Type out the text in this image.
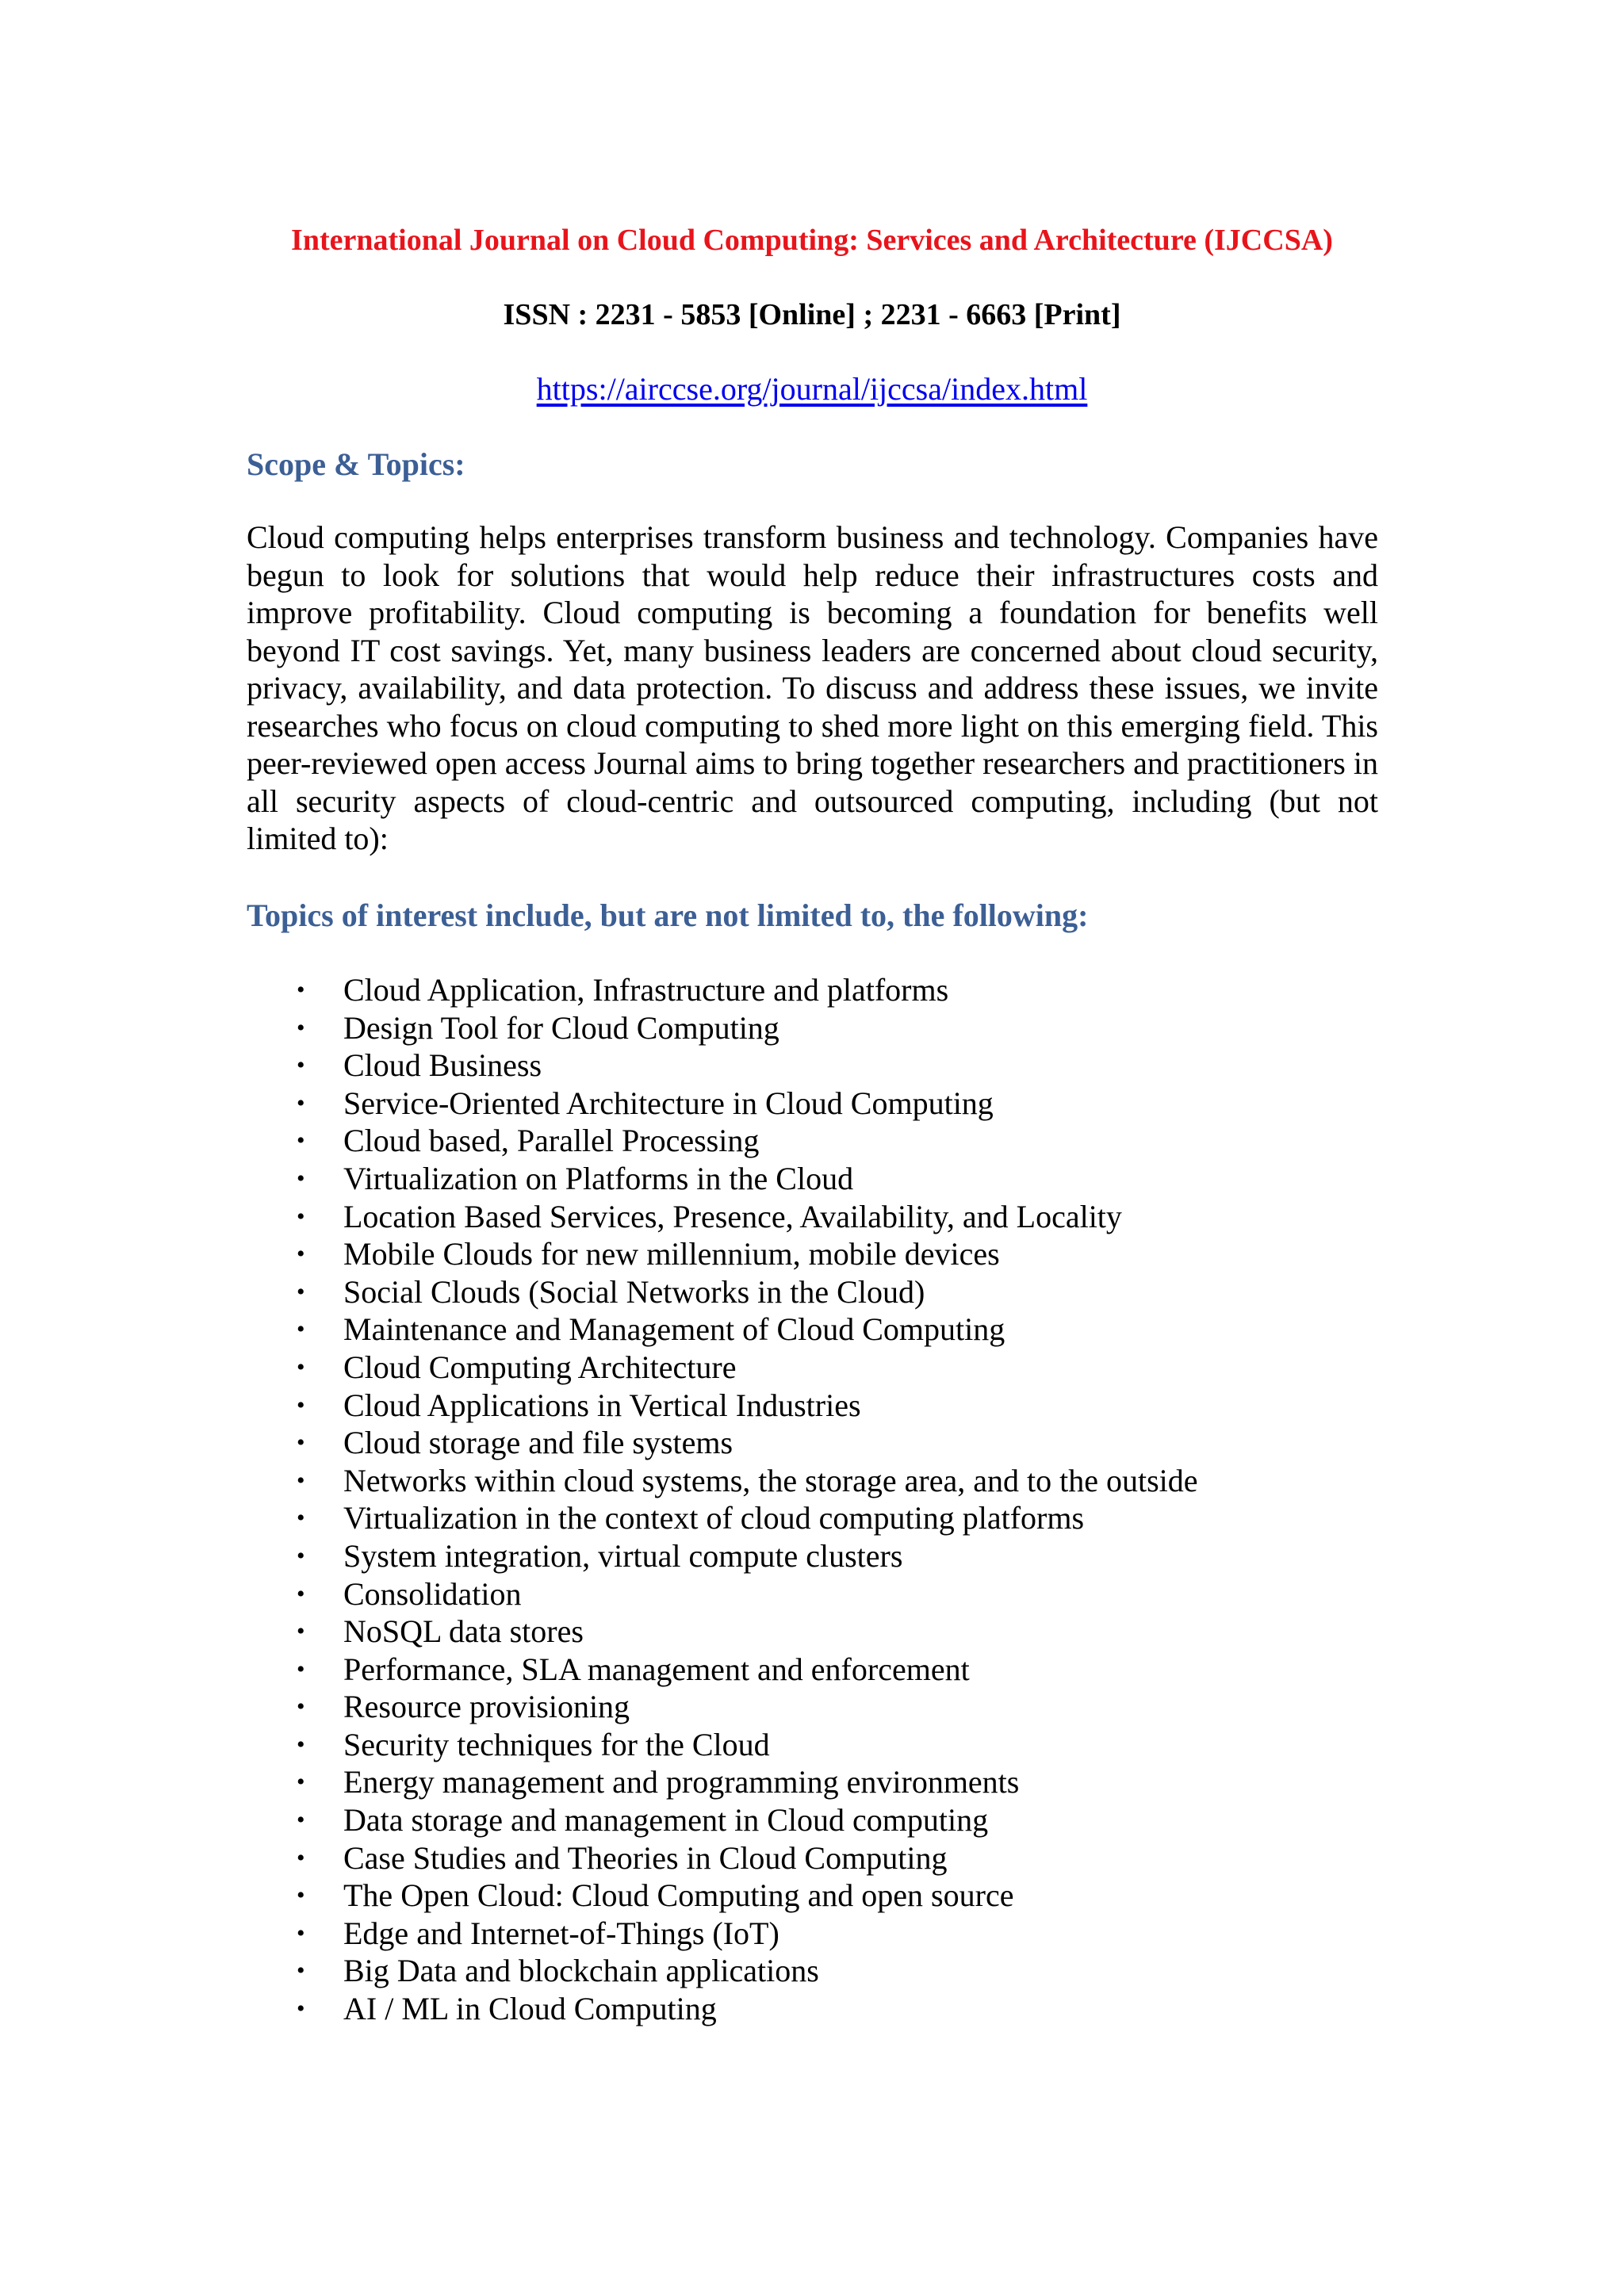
International Journal on Cloud Computing: Services and Architecture (IJCCSA)
ISSN : 2231 - 5853 [Online] ; 2231 - 6663 [Print]
https://airccse.org/journal/ijccsa/index.html
Scope & Topics:

Cloud computing helps enterprises transform business and technology. Companies have begun to look for solutions that would help reduce their infrastructures costs and improve profitability. Cloud computing is becoming a foundation for benefits well beyond IT cost savings. Yet, many business leaders are concerned about cloud security, privacy, availability, and data protection. To discuss and address these issues, we invite researches who focus on cloud computing to shed more light on this emerging field. This peer-reviewed open access Journal aims to bring together researchers and practitioners in all security aspects of cloud-centric and outsourced computing, including (but not limited to):

Topics of interest include, but are not limited to, the following:
• Cloud Application, Infrastructure and platforms
• Design Tool for Cloud Computing
• Cloud Business
• Service-Oriented Architecture in Cloud Computing
• Cloud based, Parallel Processing
• Virtualization on Platforms in the Cloud
• Location Based Services, Presence, Availability, and Locality
• Mobile Clouds for new millennium, mobile devices
• Social Clouds (Social Networks in the Cloud)
• Maintenance and Management of Cloud Computing
• Cloud Computing Architecture
• Cloud Applications in Vertical Industries
• Cloud storage and file systems
• Networks within cloud systems, the storage area, and to the outside
• Virtualization in the context of cloud computing platforms
• System integration, virtual compute clusters
• Consolidation
• NoSQL data stores
• Performance, SLA management and enforcement
• Resource provisioning
• Security techniques for the Cloud
• Energy management and programming environments
• Data storage and management in Cloud computing
• Case Studies and Theories in Cloud Computing
• The Open Cloud: Cloud Computing and open source
• Edge and Internet-of-Things (IoT)
• Big Data and blockchain applications
• AI / ML in Cloud Computing
